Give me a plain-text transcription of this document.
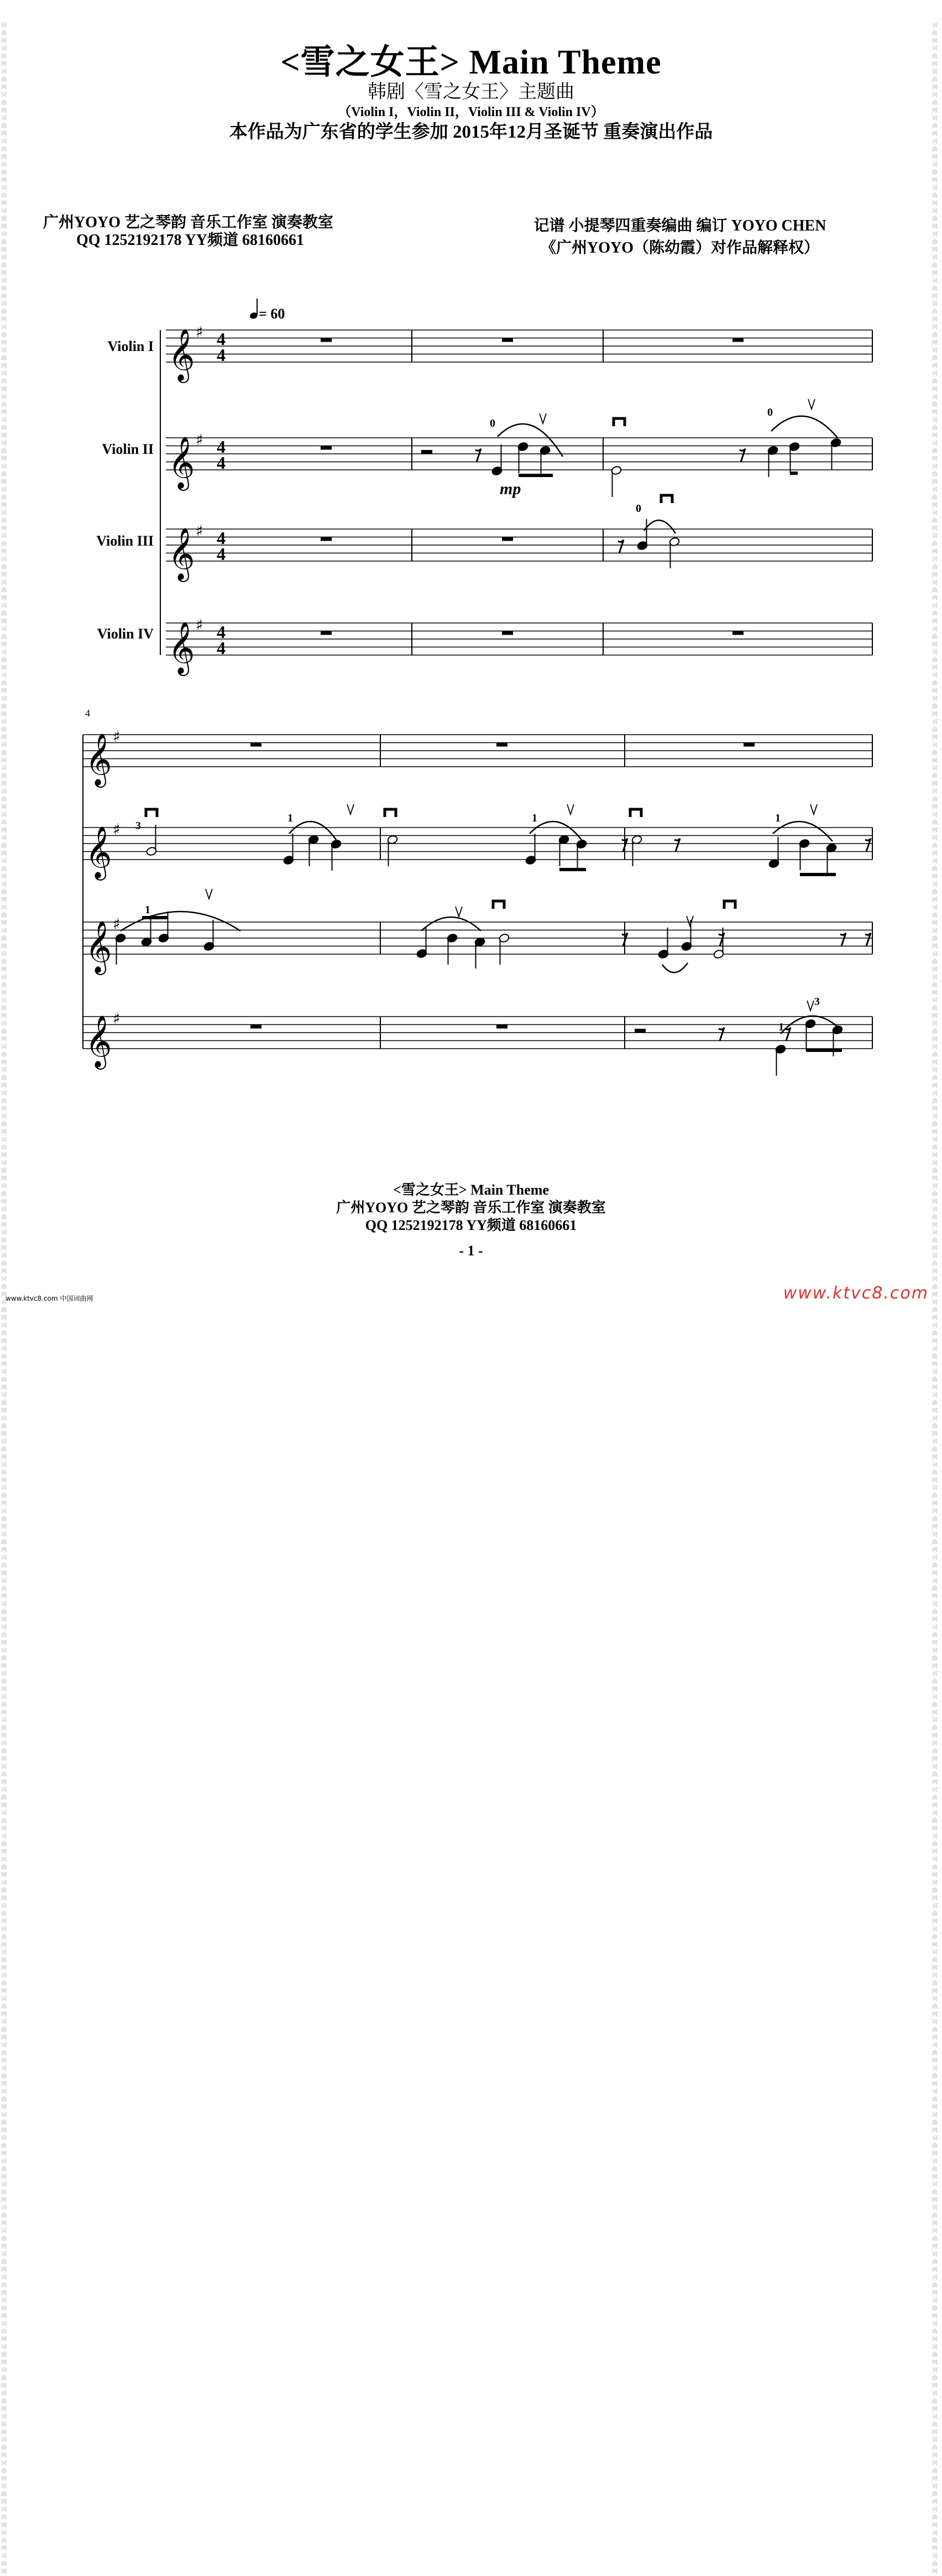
<雪之女王> Main Theme
韩剧〈雪之女王〉主题曲
（Violin I，Violin II，Violin III & Violin IV）
本作品为广东省的学生参加 2015年12月圣诞节 重奏演出作品
广州YOYO 艺之琴韵 音乐工作室 演奏教室
QQ 1252192178 YY频道 68160661
记谱 小提琴四重奏编曲 编订 YOYO CHEN
《广州YOYO（陈幼霞）对作品解释权）
Violin I
Violin II
Violin III
Violin IV
𝄞 ♯ 4
4
𝄞 ♯ 4
4
𝄞 ♯ 4
4
𝄞 ♯ 4
4
𝄞 ♯
𝄞 ♯
𝄞 ♯
𝄞 ♯
0
0
0
3
1	1	1
1
1
3
= 60
4
mp
<雪之女王> Main Theme
广州YOYO 艺之琴韵 音乐工作室 演奏教室
QQ 1252192178 YY频道 68160661
- 1 -
www.ktvc8.com 中国词曲网	www.ktvc8.com
词曲网词曲网词曲网词曲网词曲网词曲网词曲网词曲网词曲网词曲网词曲网词曲网词曲网词曲网词曲网词曲网词曲网词曲网词曲网词曲网词曲网词曲网词曲网词曲网词曲网词曲网词曲网词曲网词曲网词曲网词曲网词曲网词曲网词曲网词曲网词曲网词曲网词曲网词曲网词曲网词曲网词曲网词曲网词曲网词曲网词曲网词曲网词曲网词曲网词曲网词曲网词曲网词曲网词曲网词曲网词曲网词曲网词曲网词曲网词曲网词曲网词曲网词曲网词曲网词曲网词曲网词曲网词曲网词曲网词曲网词曲网词曲网词曲网词曲网词曲网词曲网词曲网词曲网词曲网词曲网词曲网词曲网词曲网词曲网词曲网词曲网词曲网词曲网词曲网词曲网词曲网词曲网词曲网词曲网词曲网词曲网词曲网词曲网词曲网词曲网词曲网词曲网词曲网词曲网词曲网词曲网词曲网词曲网词曲网词曲网
词曲网词曲网词曲网词曲网词曲网词曲网词曲网词曲网词曲网词曲网词曲网词曲网词曲网词曲网词曲网词曲网词曲网词曲网词曲网词曲网词曲网词曲网词曲网词曲网词曲网词曲网词曲网词曲网词曲网词曲网词曲网词曲网词曲网词曲网词曲网词曲网词曲网词曲网词曲网词曲网词曲网词曲网词曲网词曲网词曲网词曲网词曲网词曲网词曲网词曲网词曲网词曲网词曲网词曲网词曲网词曲网词曲网词曲网词曲网词曲网词曲网词曲网词曲网词曲网词曲网词曲网词曲网词曲网词曲网词曲网词曲网词曲网词曲网词曲网词曲网词曲网词曲网词曲网词曲网词曲网词曲网词曲网词曲网词曲网词曲网词曲网词曲网词曲网词曲网词曲网词曲网词曲网词曲网词曲网词曲网词曲网词曲网词曲网词曲网词曲网词曲网词曲网词曲网词曲网词曲网词曲网词曲网词曲网词曲网词曲网
